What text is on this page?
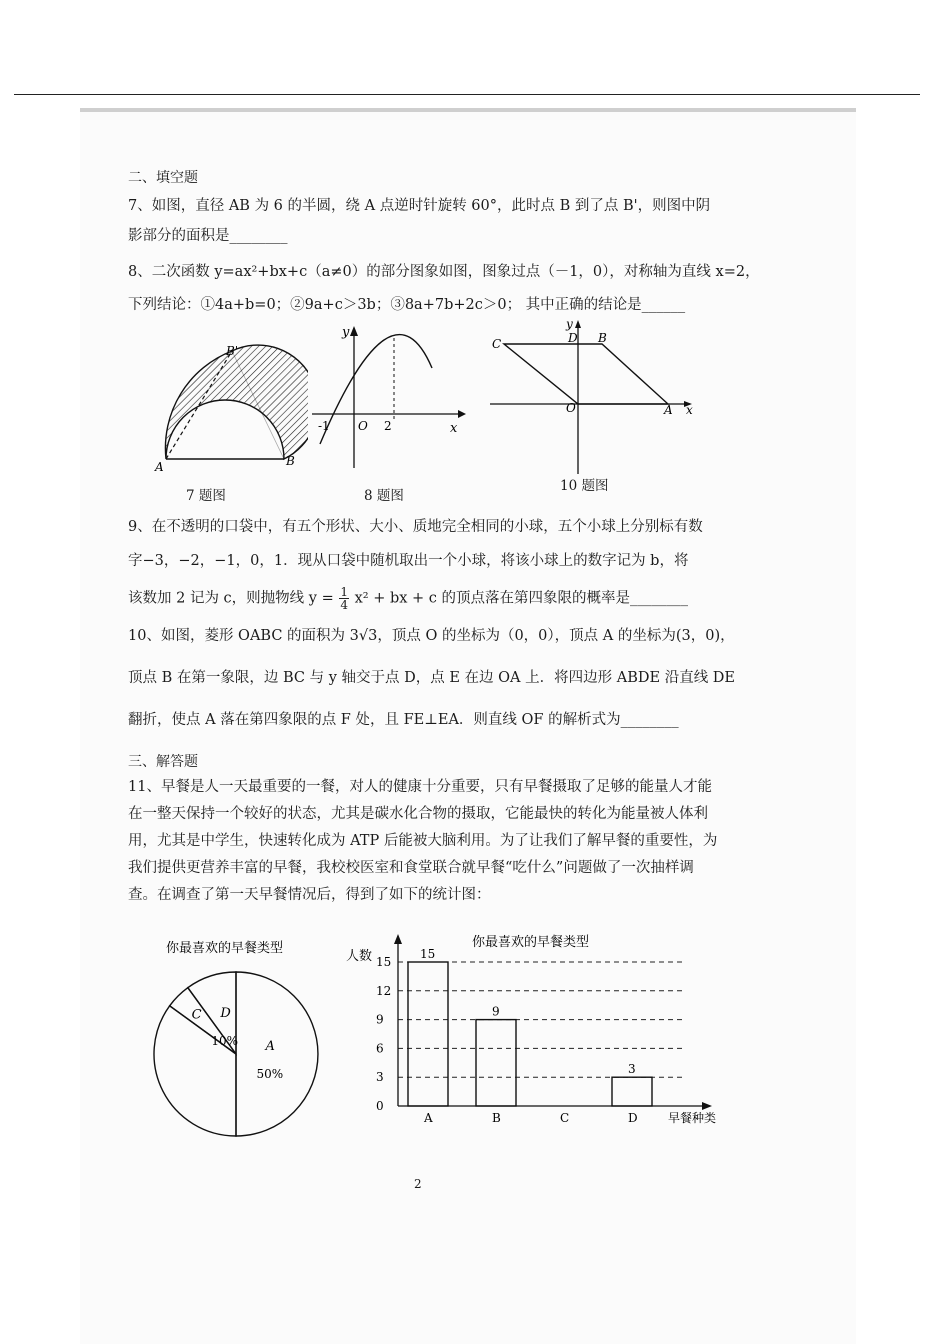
二、填空题
7、如图，直径 AB 为 6 的半圆，绕 A 点逆时针旋转 60°，此时点 B 到了点 B'，则图中阴
影部分的面积是________
8、二次函数 y=ax²+bx+c（a≠0）的部分图象如图，图象过点（－1，0），对称轴为直线 x=2，
下列结论：①4a+b=0；②9a+c＞3b；③8a+7b+2c＞0； 其中正确的结论是______
A	B
B'
7 题图
y
x
-1 O 2
8 题图
y
x
C	D B
O	A
10 题图
9、在不透明的口袋中，有五个形状、大小、质地完全相同的小球，五个小球上分别标有数
字−3，−2，−1，0，1．现从口袋中随机取出一个小球，将该小球上的数字记为 b，将
该数加 2 记为 c，则抛物线 $y = \frac{1}{4} x^2$ + bx + c 的顶点落在第四象限的概率是________
10、如图，菱形 OABC 的面积为 3√3，顶点 O 的坐标为（0，0），顶点 A 的坐标为(3，0)，
顶点 B 在第一象限，边 BC 与 y 轴交于点 D，点 E 在边 OA 上．将四边形 ABDE 沿直线 DE
翻折，使点 A 落在第四象限的点 F 处，且 FE⊥EA．则直线 OF 的解析式为________
三、解答题
11、早餐是人一天最重要的一餐，对人的健康十分重要，只有早餐摄取了足够的能量人才能
在一整天保持一个较好的状态，尤其是碳水化合物的摄取，它能最快的转化为能量被人体利
用，尤其是中学生，快速转化成为 ATP 后能被大脑利用。为了让我们了解早餐的重要性，为
我们提供更营养丰富的早餐，我校校医室和食堂联合就早餐“吃什么”问题做了一次抽样调
查。在调查了第一天早餐情况后，得到了如下的统计图：
你最喜欢的早餐类型
A
50%
C D
10%
你最喜欢的早餐类型
人数
早餐种类
0
3
6
9
12
15
15
9
3
A	B	C	D
2
